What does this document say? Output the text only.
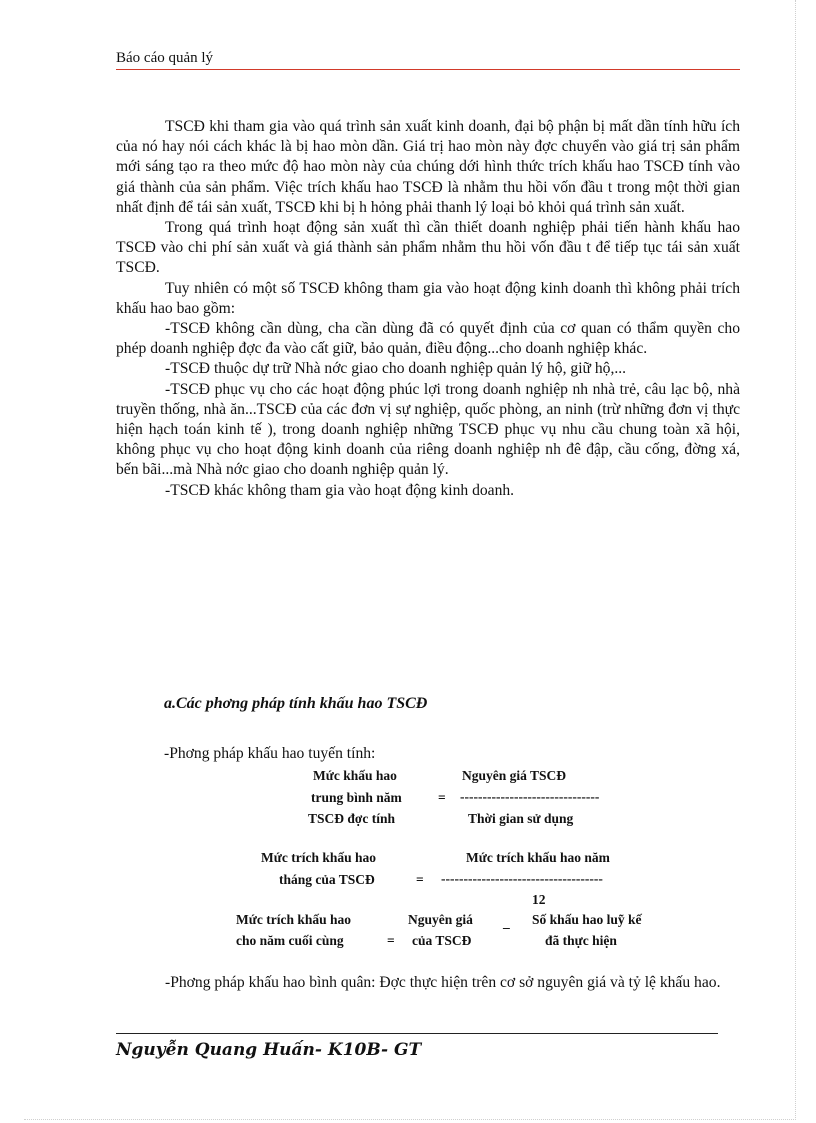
Báo cáo quản lý

TSCĐ khi tham gia vào quá trình sản xuất kinh doanh, đại bộ phận bị mất dần tính hữu ích của nó hay nói cách khác là bị hao mòn dần. Giá trị hao mòn này đợc chuyển vào giá trị sản phẩm mới sáng tạo ra theo mức độ hao mòn này của chúng dới hình thức trích khấu hao TSCĐ tính vào giá thành của sản phẩm. Việc trích khấu hao TSCĐ là nhằm thu hồi vốn đầu t trong một thời gian nhất định để tái sản xuất, TSCĐ khi bị h hỏng phải thanh lý loại bỏ khỏi quá trình sản xuất.

Trong quá trình hoạt động sản xuất thì cần thiết doanh nghiệp phải tiến hành khấu hao TSCĐ vào chi phí sản xuất và giá thành sản phẩm nhằm thu hồi vốn đầu t để tiếp tục tái sản xuất TSCĐ.

Tuy nhiên có một số TSCĐ không tham gia vào hoạt động kinh doanh thì không phải trích khấu hao bao gồm:

-TSCĐ không cần dùng, cha cần dùng đã có quyết định của cơ quan có thẩm quyền cho phép doanh nghiệp đợc đa vào cất giữ, bảo quản, điều động...cho doanh nghiệp khác.

-TSCĐ thuộc dự trữ Nhà nớc giao cho doanh nghiệp quản lý hộ, giữ hộ,...

-TSCĐ phục vụ cho các hoạt động phúc lợi trong doanh nghiệp nh nhà trẻ, câu lạc bộ, nhà truyền thống, nhà ăn...TSCĐ của các đơn vị sự nghiệp, quốc phòng, an ninh (trừ những đơn vị thực hiện hạch toán kinh tế ), trong doanh nghiệp những TSCĐ phục vụ nhu cầu chung toàn xã hội, không phục vụ cho hoạt động kinh doanh của riêng doanh nghiệp nh đê đập, cầu cống, đờng xá, bến bãi...mà Nhà nớc giao cho doanh nghiệp quản lý.

-TSCĐ khác không tham gia vào hoạt động kinh doanh.

a.Các phơng pháp tính khấu hao TSCĐ
-Phơng pháp khấu hao tuyến tính:
Mức khấu hao
trung bình năm
TSCĐ đợc tính
=
Nguyên giá TSCĐ
-------------------------------
Thời gian sử dụng
Mức trích khấu hao
tháng của TSCĐ	=
Mức trích khấu hao năm
------------------------------------
12
Mức trích khấu hao
cho năm cuối cùng	=
Nguyên giá
của TSCĐ
_ Số khấu hao luỹ kế
đã thực hiện

-Phơng pháp khấu hao bình quân: Đợc thực hiện trên cơ sở nguyên giá và tỷ lệ khấu hao.

Nguyễn Quang Huấn- K10B- GT
